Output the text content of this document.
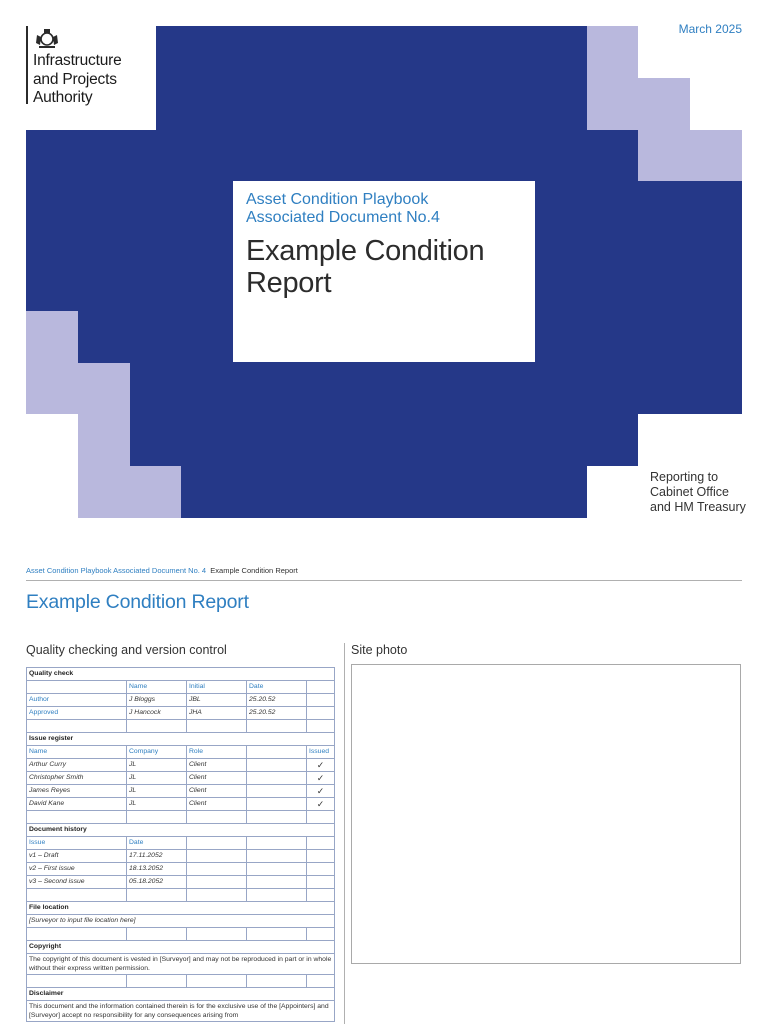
Infrastructure
and Projects
Authority
March 2025
Asset Condition Playbook
Associated Document No.4
Example Condition
Report
Reporting to
Cabinet Office
and HM Treasury
Asset Condition Playbook Associated Document No. 4 Example Condition Report
Example Condition Report
Quality checking and version control	Site photo
Quality check				
	Name	Initial	Date	
Author	J Bloggs	JBL	25.20.52	
Approved	J Hancock	JHA	25.20.52	

Issue register				
Name	Company	Role		Issued
Arthur Curry	JL	Client		✓
Christopher Smith	JL	Client		✓
James Reyes	JL	Client		✓
David Kane	JL	Client		✓

Document history				
Issue	Date			
v1 – Draft	17.11.2052			
v2 – First issue	18.13.2052			
v3 – Second issue	05.18.2052			

File location				
[Surveyor to input file location here]				

Copyright				
The copyright of this document is vested in [Surveyor] and may not be reproduced in part or in whole without their express written permission.				

Disclaimer				
This document and the information contained therein is for the exclusive use of the [Appointers] and [Surveyor] accept no responsibility for any consequences arising from				
